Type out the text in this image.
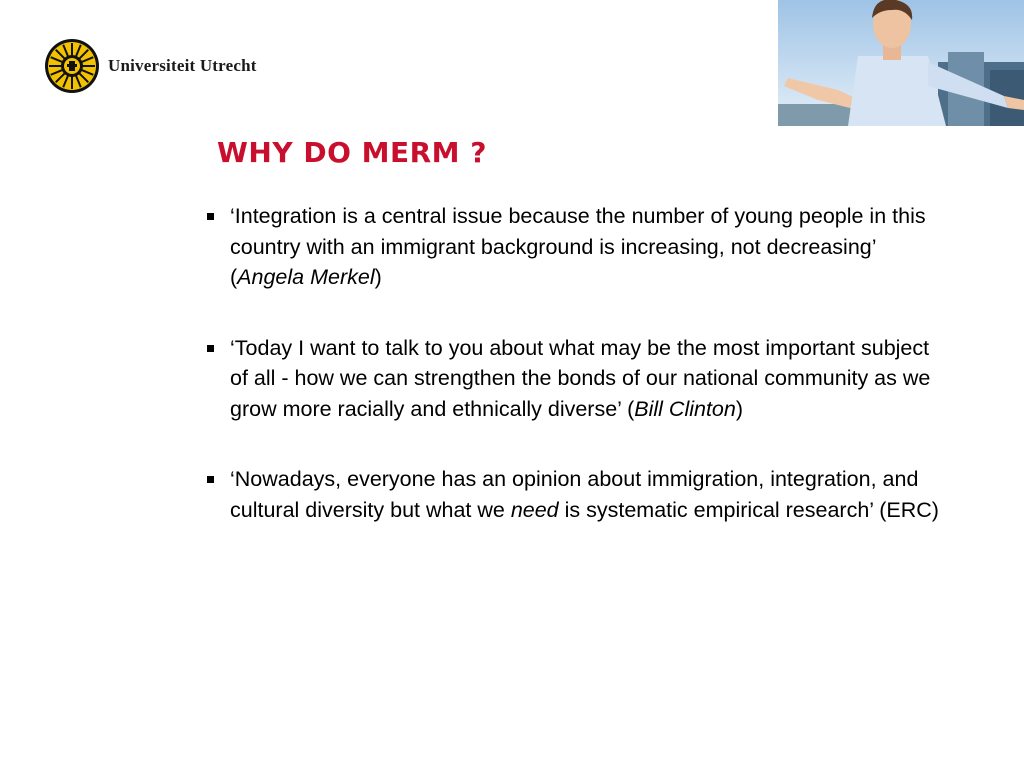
Universiteit Utrecht
WHY DO MERM ?
‘Integration is a central issue because the number of young people in this country with an immigrant background is increasing, not decreasing’ (Angela Merkel)
‘Today I want to talk to you about what may be the most important subject of all - how we can strengthen the bonds of our national community as we grow more racially and ethnically diverse’ (Bill Clinton)
‘Nowadays, everyone has an opinion about immigration, integration, and cultural diversity but what we need is systematic empirical research’ (ERC)
